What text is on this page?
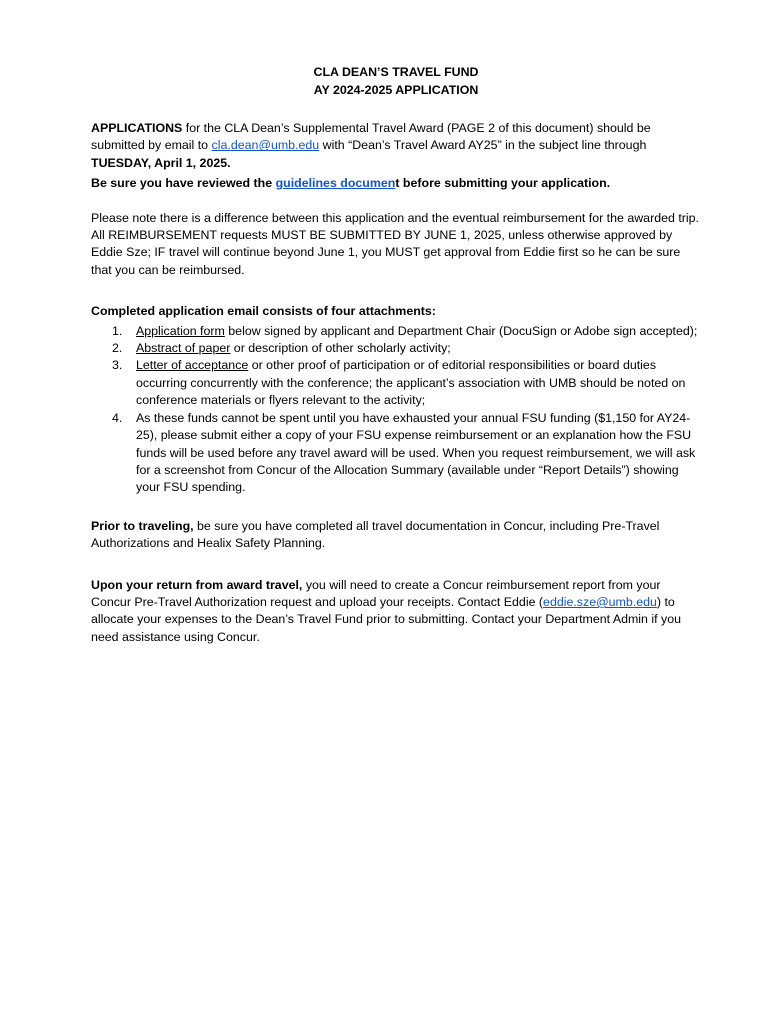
CLA DEAN’S TRAVEL FUND
AY 2024-2025 APPLICATION

APPLICATIONS for the CLA Dean’s Supplemental Travel Award (PAGE 2 of this document) should be submitted by email to cla.dean@umb.edu with “Dean’s Travel Award AY25” in the subject line through TUESDAY, April 1, 2025.

Be sure you have reviewed the guidelines document before submitting your application.

Please note there is a difference between this application and the eventual reimbursement for the awarded trip. All REIMBURSEMENT requests MUST BE SUBMITTED BY JUNE 1, 2025, unless otherwise approved by Eddie Sze; IF travel will continue beyond June 1, you MUST get approval from Eddie first so he can be sure that you can be reimbursed.

Completed application email consists of four attachments:

1. Application form below signed by applicant and Department Chair (DocuSign or Adobe sign accepted);
2. Abstract of paper or description of other scholarly activity;
3. Letter of acceptance or other proof of participation or of editorial responsibilities or board duties occurring concurrently with the conference; the applicant’s association with UMB should be noted on conference materials or flyers relevant to the activity;
4. As these funds cannot be spent until you have exhausted your annual FSU funding ($1,150 for AY24-25), please submit either a copy of your FSU expense reimbursement or an explanation how the FSU funds will be used before any travel award will be used. When you request reimbursement, we will ask for a screenshot from Concur of the Allocation Summary (available under “Report Details”) showing your FSU spending.

Prior to traveling, be sure you have completed all travel documentation in Concur, including Pre-Travel Authorizations and Healix Safety Planning.

Upon your return from award travel, you will need to create a Concur reimbursement report from your Concur Pre-Travel Authorization request and upload your receipts. Contact Eddie (eddie.sze@umb.edu) to allocate your expenses to the Dean’s Travel Fund prior to submitting. Contact your Department Admin if you need assistance using Concur.
